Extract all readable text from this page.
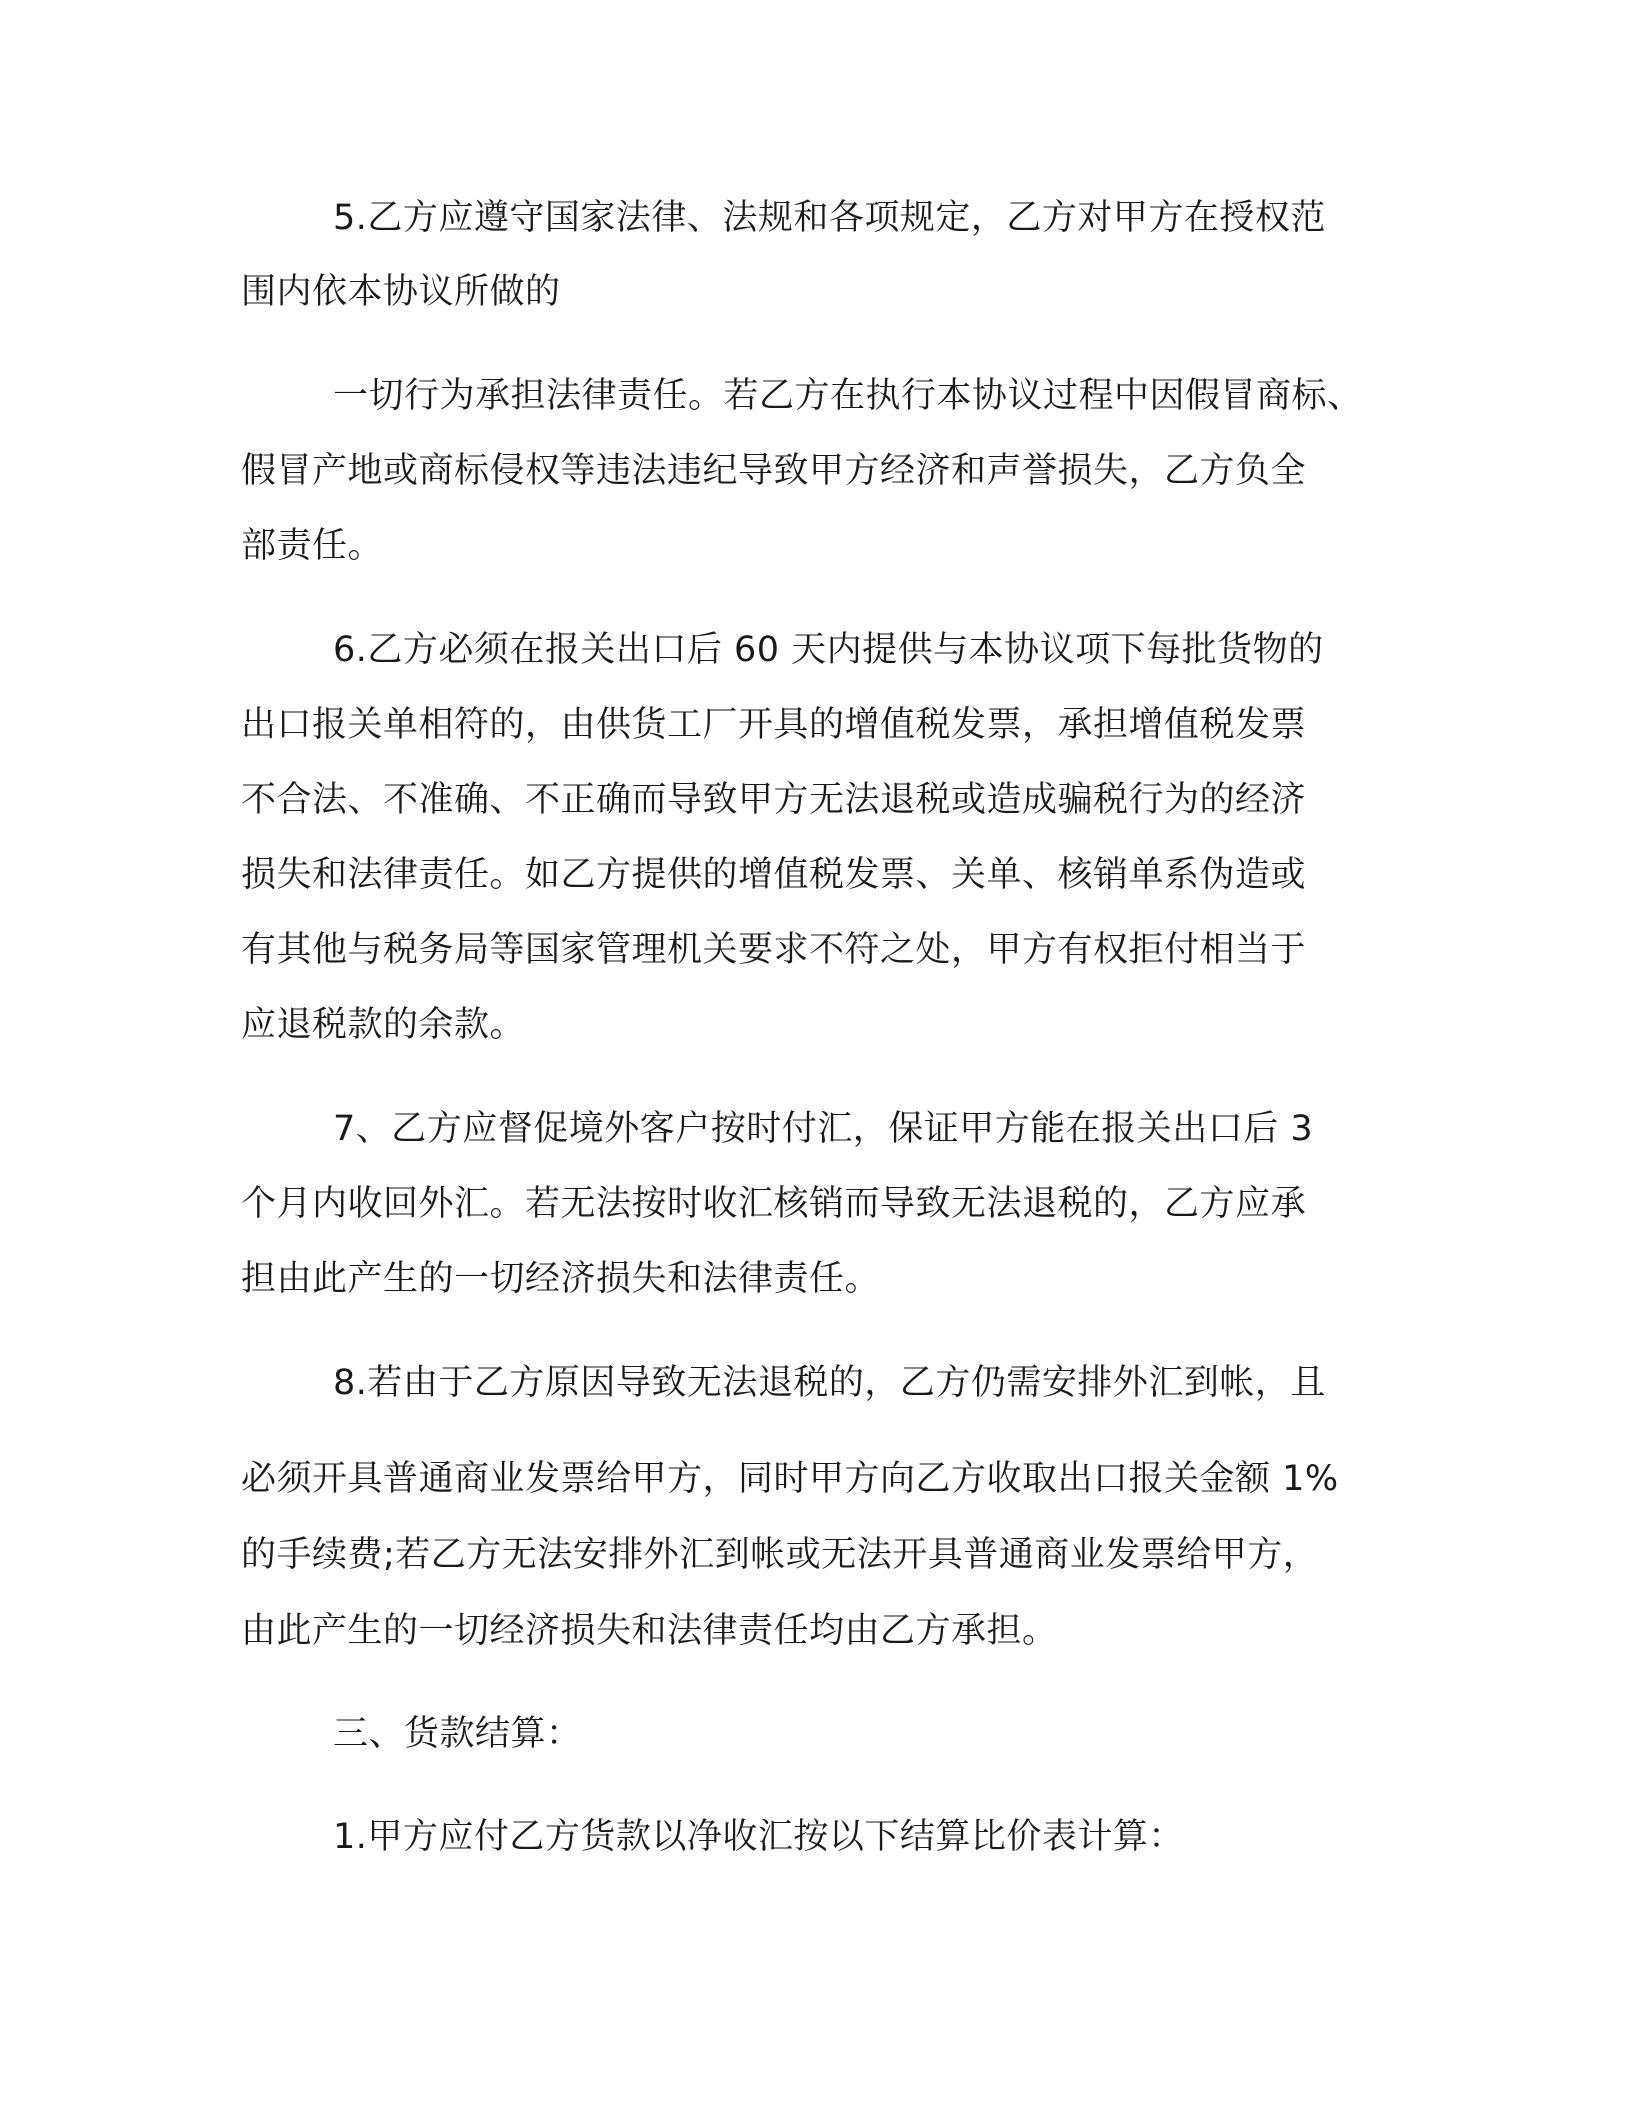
5.乙方应遵守国家法律、法规和各项规定，乙方对甲方在授权范
围内依本协议所做的
一切行为承担法律责任。若乙方在执行本协议过程中因假冒商标、
假冒产地或商标侵权等违法违纪导致甲方经济和声誉损失，乙方负全
部责任。
6.乙方必须在报关出口后 60 天内提供与本协议项下每批货物的
出口报关单相符的，由供货工厂开具的增值税发票，承担增值税发票
不合法、不准确、不正确而导致甲方无法退税或造成骗税行为的经济
损失和法律责任。如乙方提供的增值税发票、关单、核销单系伪造或
有其他与税务局等国家管理机关要求不符之处，甲方有权拒付相当于
应退税款的余款。
7、乙方应督促境外客户按时付汇，保证甲方能在报关出口后 3
个月内收回外汇。若无法按时收汇核销而导致无法退税的，乙方应承
担由此产生的一切经济损失和法律责任。
8.若由于乙方原因导致无法退税的，乙方仍需安排外汇到帐，且
必须开具普通商业发票给甲方，同时甲方向乙方收取出口报关金额 1%
的手续费;若乙方无法安排外汇到帐或无法开具普通商业发票给甲方，
由此产生的一切经济损失和法律责任均由乙方承担。
三、货款结算：
1.甲方应付乙方货款以净收汇按以下结算比价表计算：
